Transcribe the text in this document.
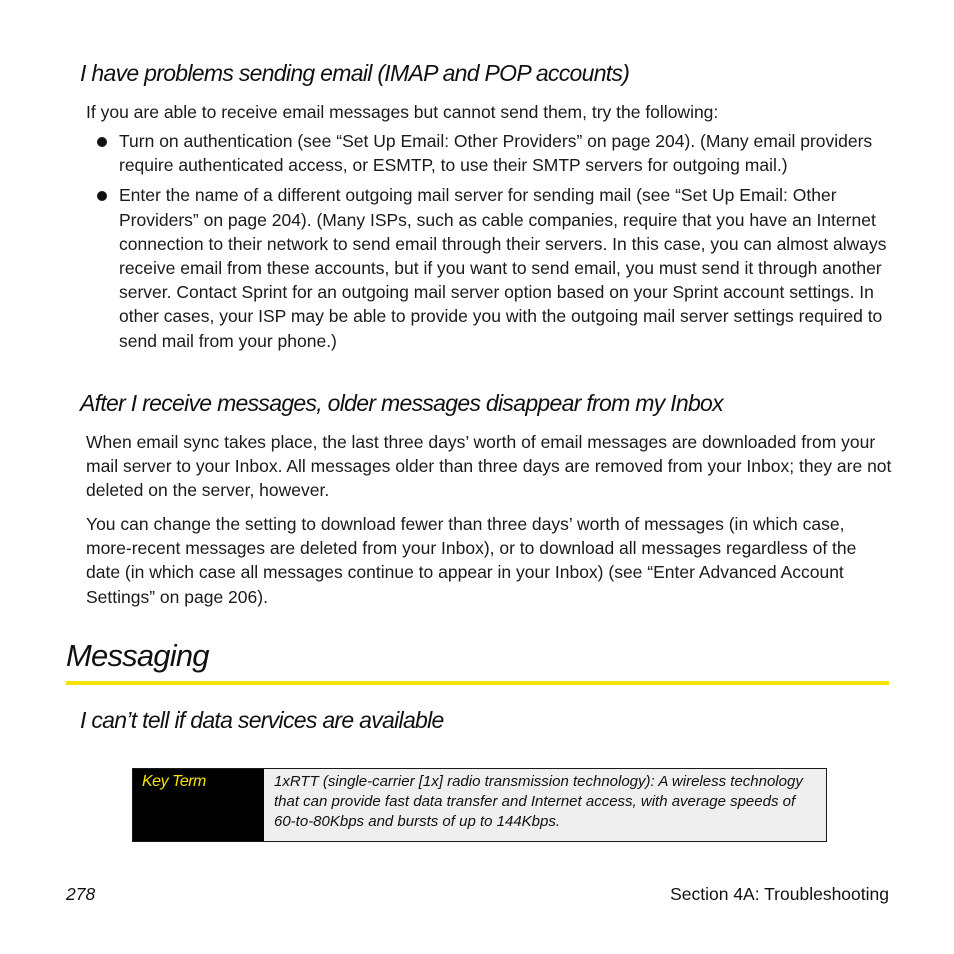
I have problems sending email (IMAP and POP accounts)

If you are able to receive email messages but cannot send them, try the following:

Turn on authentication (see “Set Up Email: Other Providers” on page 204). (Many email providers require authenticated access, or ESMTP, to use their SMTP servers for outgoing mail.)
Enter the name of a different outgoing mail server for sending mail (see “Set Up Email: Other Providers” on page 204). (Many ISPs, such as cable companies, require that you have an Internet connection to their network to send email through their servers. In this case, you can almost always receive email from these accounts, but if you want to send email, you must send it through another server. Contact Sprint for an outgoing mail server option based on your Sprint account settings. In other cases, your ISP may be able to provide you with the outgoing mail server settings required to send mail from your phone.)
After I receive messages, older messages disappear from my Inbox

When email sync takes place, the last three days’ worth of email messages are downloaded from your mail server to your Inbox. All messages older than three days are removed from your Inbox; they are not deleted on the server, however.

You can change the setting to download fewer than three days’ worth of messages (in which case, more-recent messages are deleted from your Inbox), or to download all messages regardless of the date (in which case all messages continue to appear in your Inbox) (see “Enter Advanced Account Settings” on page 206).

Messaging
I can’t tell if data services are available
Key Term	1xRTT (single-carrier [1x] radio transmission technology): A wireless technology that can provide fast data transfer and Internet access, with average speeds of 60-to-80Kbps and bursts of up to 144Kbps.
278	Section 4A: Troubleshooting
